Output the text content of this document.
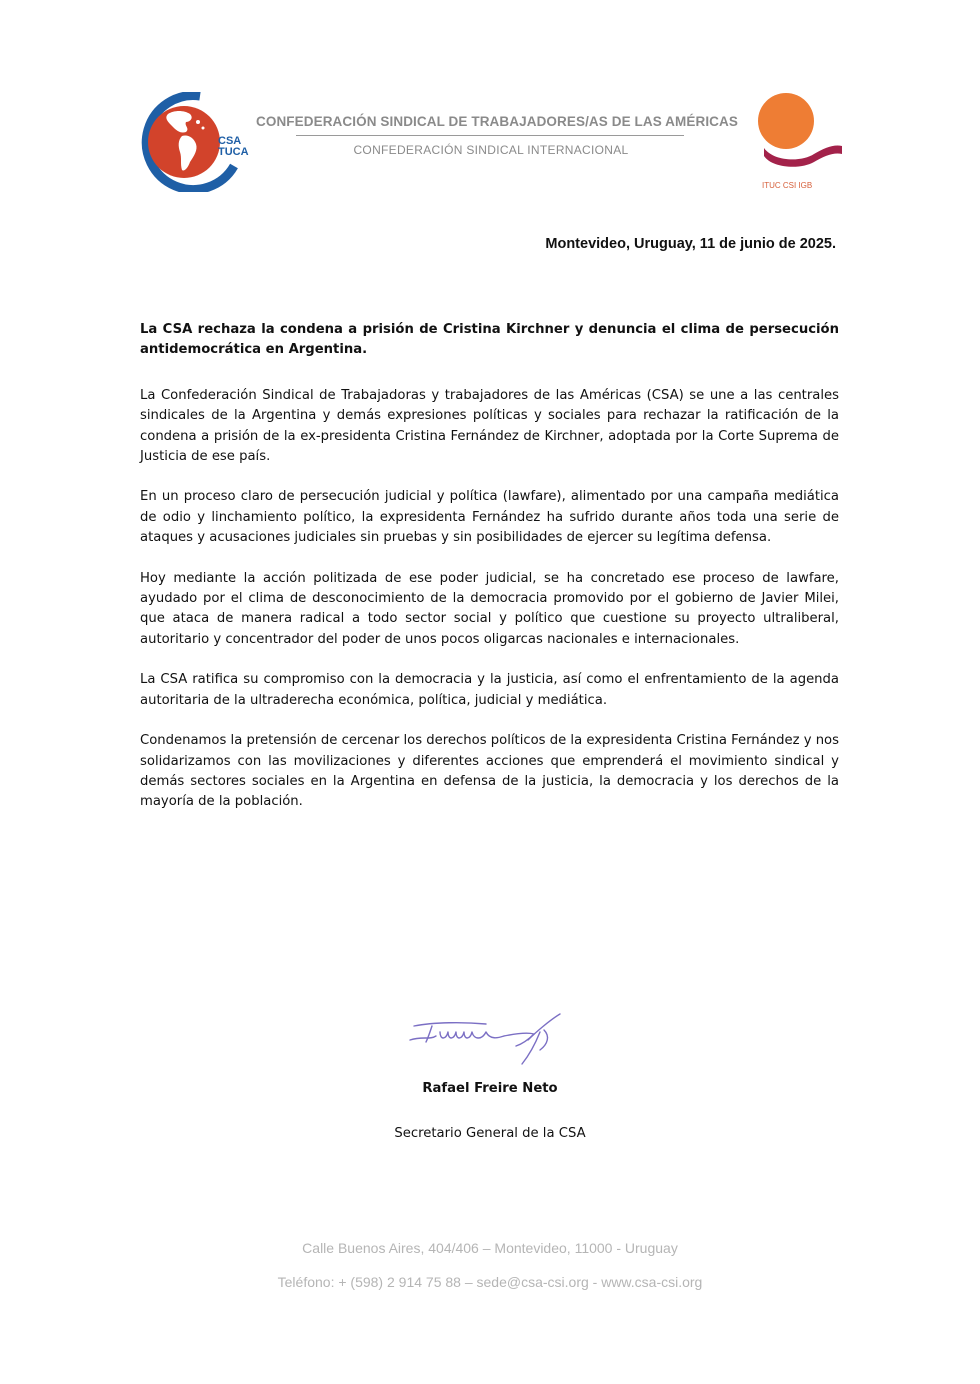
CSA
TUCA
CONFEDERACIÓN SINDICAL DE TRABAJADORES/AS DE LAS AMÉRICAS
CONFEDERACIÓN SINDICAL INTERNACIONAL
ITUC CSI IGB
Montevideo, Uruguay, 11 de junio de 2025.

La CSA rechaza la condena a prisión de Cristina Kirchner y denuncia el clima de persecución antidemocrática en Argentina.

La Confederación Sindical de Trabajadoras y trabajadores de las Américas (CSA) se une a las centrales sindicales de la Argentina y demás expresiones políticas y sociales para rechazar la ratificación de la condena a prisión de la ex-presidenta Cristina Fernández de Kirchner, adoptada por la Corte Suprema de Justicia de ese país.

En un proceso claro de persecución judicial y política (lawfare), alimentado por una campaña mediática de odio y linchamiento político, la expresidenta Fernández ha sufrido durante años toda una serie de ataques y acusaciones judiciales sin pruebas y sin posibilidades de ejercer su legítima defensa.

Hoy mediante la acción politizada de ese poder judicial, se ha concretado ese proceso de lawfare, ayudado por el clima de desconocimiento de la democracia promovido por el gobierno de Javier Milei, que ataca de manera radical a todo sector social y político que cuestione su proyecto ultraliberal, autoritario y concentrador del poder de unos pocos oligarcas nacionales e internacionales.

La CSA ratifica su compromiso con la democracia y la justicia, así como el enfrentamiento de la agenda autoritaria de la ultraderecha económica, política, judicial y mediática.

Condenamos la pretensión de cercenar los derechos políticos de la expresidenta Cristina Fernández y nos solidarizamos con las movilizaciones y diferentes acciones que emprenderá el movimiento sindical y demás sectores sociales en la Argentina en defensa de la justicia, la democracia y los derechos de la mayoría de la población.

Rafael Freire Neto
Secretario General de la CSA
Calle Buenos Aires, 404/406 – Montevideo, 11000 - Uruguay
Teléfono: + (598) 2 914 75 88 – sede@csa-csi.org - www.csa-csi.org
